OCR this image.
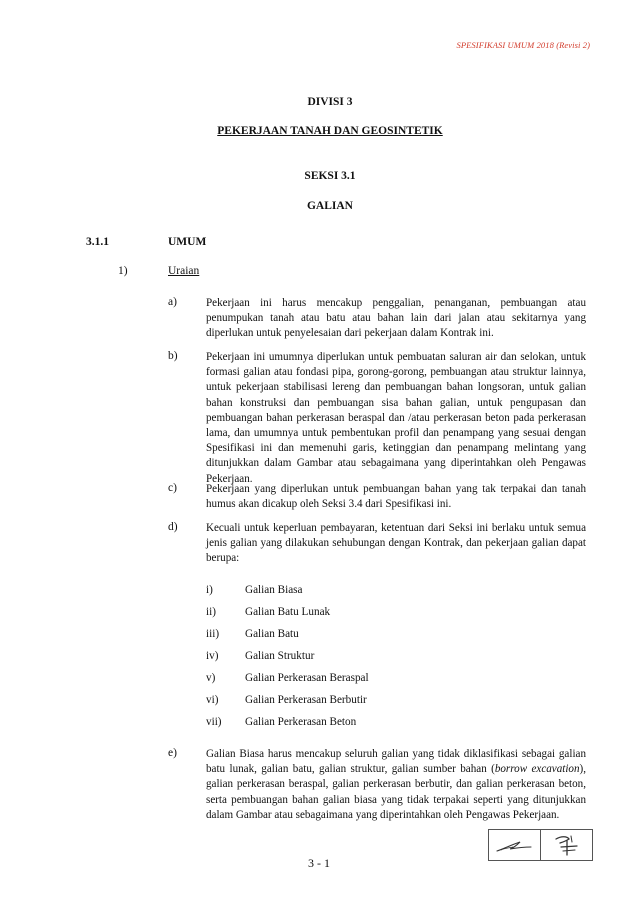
SPESIFIKASI UMUM 2018 (Revisi 2)
DIVISI 3
PEKERJAAN TANAH DAN GEOSINTETIK
SEKSI 3.1
GALIAN
3.1.1	UMUM
1)	Uraian
a)	Pekerjaan ini harus mencakup penggalian, penanganan, pembuangan atau penumpukan tanah atau batu atau bahan lain dari jalan atau sekitarnya yang diperlukan untuk penyelesaian dari pekerjaan dalam Kontrak ini.
b)	Pekerjaan ini umumnya diperlukan untuk pembuatan saluran air dan selokan, untuk formasi galian atau fondasi pipa, gorong-gorong, pembuangan atau struktur lainnya, untuk pekerjaan stabilisasi lereng dan pembuangan bahan longsoran, untuk galian bahan konstruksi dan pembuangan sisa bahan galian, untuk pengupasan dan pembuangan bahan perkerasan beraspal dan /atau perkerasan beton pada perkerasan lama, dan umumnya untuk pembentukan profil dan penampang yang sesuai dengan Spesifikasi ini dan memenuhi garis, ketinggian dan penampang melintang yang ditunjukkan dalam Gambar atau sebagaimana yang diperintahkan oleh Pengawas Pekerjaan.
c)	Pekerjaan yang diperlukan untuk pembuangan bahan yang tak terpakai dan tanah humus akan dicakup oleh Seksi 3.4 dari Spesifikasi ini.
d)	Kecuali untuk keperluan pembayaran, ketentuan dari Seksi ini berlaku untuk semua jenis galian yang dilakukan sehubungan dengan Kontrak, dan pekerjaan galian dapat berupa:
i)	Galian Biasa
ii)	Galian Batu Lunak
iii) Galian Batu
iv) Galian Struktur
v)	Galian Perkerasan Beraspal
vi) Galian Perkerasan Berbutir
vii) Galian Perkerasan Beton
e)	Galian Biasa harus mencakup seluruh galian yang tidak diklasifikasi sebagai galian batu lunak, galian batu, galian struktur, galian sumber bahan (borrow excavation), galian perkerasan beraspal, galian perkerasan berbutir, dan galian perkerasan beton, serta pembuangan bahan galian biasa yang tidak terpakai seperti yang ditunjukkan dalam Gambar atau sebagaimana yang diperintahkan oleh Pengawas Pekerjaan.
3 - 1
